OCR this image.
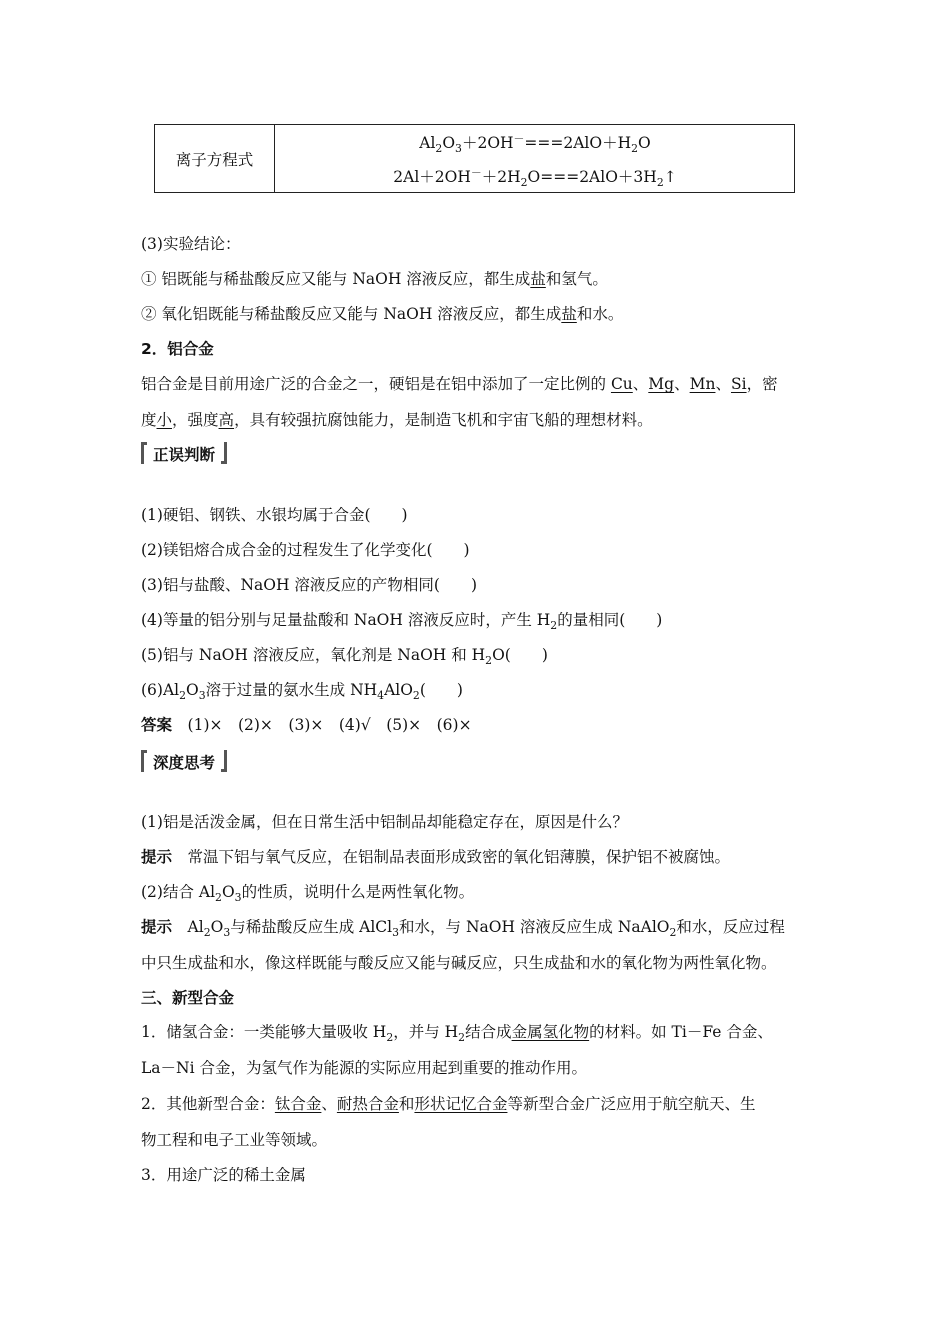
离子方程式
$Al_2O_3+2OH^-===2AlO+H_2O$
$2Al+2OH^-+2H_2O===2AlO+3H_2↑$
(3)实验结论：
① 铝既能与稀盐酸反应又能与 NaOH 溶液反应，都生成盐和氢气。
② 氧化铝既能与稀盐酸反应又能与 NaOH 溶液反应，都生成盐和水。
2．铝合金
铝合金是目前用途广泛的合金之一，硬铝是在铝中添加了一定比例的 Cu、Mg、Mn、Si，密
度小，强度高，具有较强抗腐蚀能力，是制造飞机和宇宙飞船的理想材料。
正误判断
(1)硬铝、钢铁、水银均属于合金(　　)
(2)镁铝熔合成合金的过程发生了化学变化(　　)
(3)铝与盐酸、NaOH 溶液反应的产物相同(　　)
(4)等量的铝分别与足量盐酸和 NaOH 溶液反应时，产生 $H_2$的量相同(　　)
(5)铝与 NaOH 溶液反应，氧化剂是 NaOH 和 $H_2O$(　　)
$(6)Al_2O_3$溶于过量的氨水生成 $NH_4AlO_2$(　　)
答案　 (1)×　(2)×　(3)×　(4)√　(5)×　(6)×
深度思考
(1)铝是活泼金属，但在日常生活中铝制品却能稳定存在，原因是什么？
提示　 常温下铝与氧气反应，在铝制品表面形成致密的氧化铝薄膜，保护铝不被腐蚀。
(2)结合 $Al_2O_3$的性质，说明什么是两性氧化物。
提示　 $Al_2O_3$与稀盐酸反应生成 AlCl$_3$和水，与 NaOH 溶液反应生成 NaAlO$_2$和水，反应过程
中只生成盐和水，像这样既能与酸反应又能与碱反应，只生成盐和水的氧化物为两性氧化物。
三、新型合金
1．储氢合金：一类能够大量吸收 $H_2$，并与 $H_2$结合成金属氢化物的材料。如 Ti－Fe 合金、
La－Ni 合金，为氢气作为能源的实际应用起到重要的推动作用。
2．其他新型合金：钛合金、耐热合金和形状记忆合金等新型合金广泛应用于航空航天、生
物工程和电子工业等领域。
3．用途广泛的稀土金属
